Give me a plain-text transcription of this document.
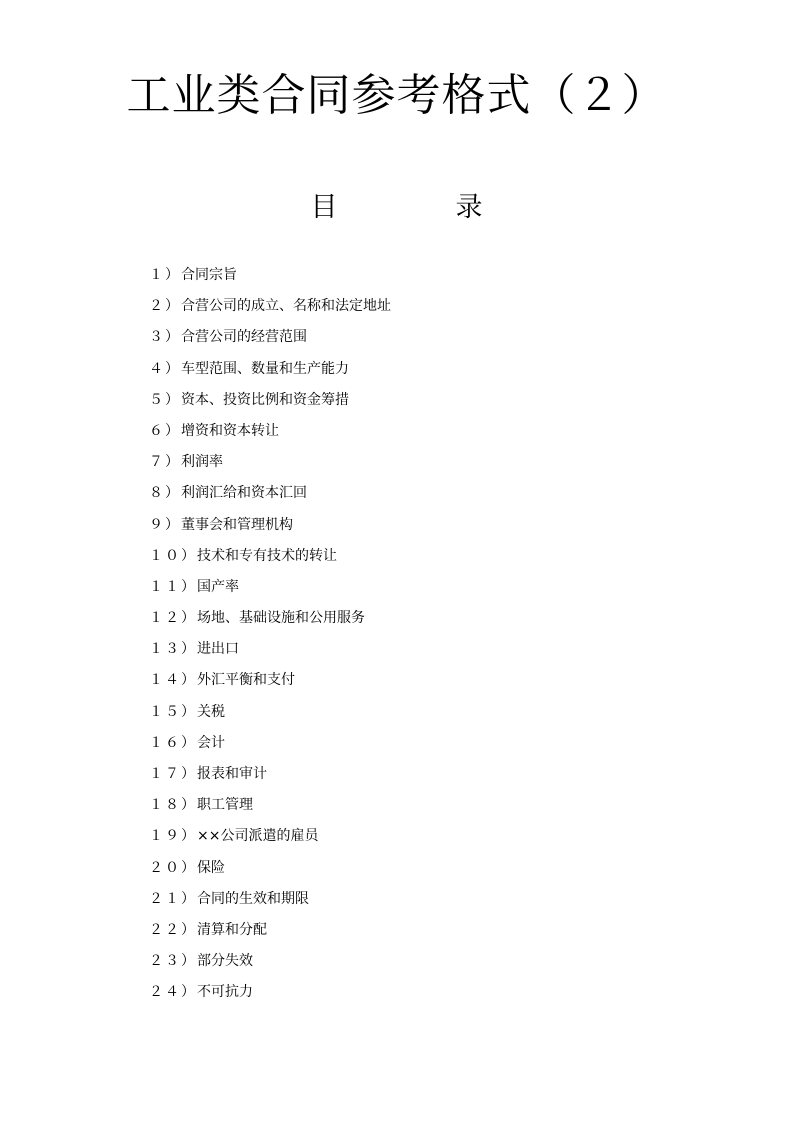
工业类合同参考格式（２）
目	录
１）合同宗旨
２）合营公司的成立、名称和法定地址
３）合营公司的经营范围
４）车型范围、数量和生产能力
５）资本、投资比例和资金筹措
６）增资和资本转让
７）利润率
８）利润汇给和资本汇回
９）董事会和管理机构
１０）技术和专有技术的转让
１１）国产率
１２）场地、基础设施和公用服务
１３）进出口
１４）外汇平衡和支付
１５）关税
１６）会计
１７）报表和审计
１８）职工管理
１９）××公司派遣的雇员
２０）保险
２１）合同的生效和期限
２２）清算和分配
２３）部分失效
２４）不可抗力
